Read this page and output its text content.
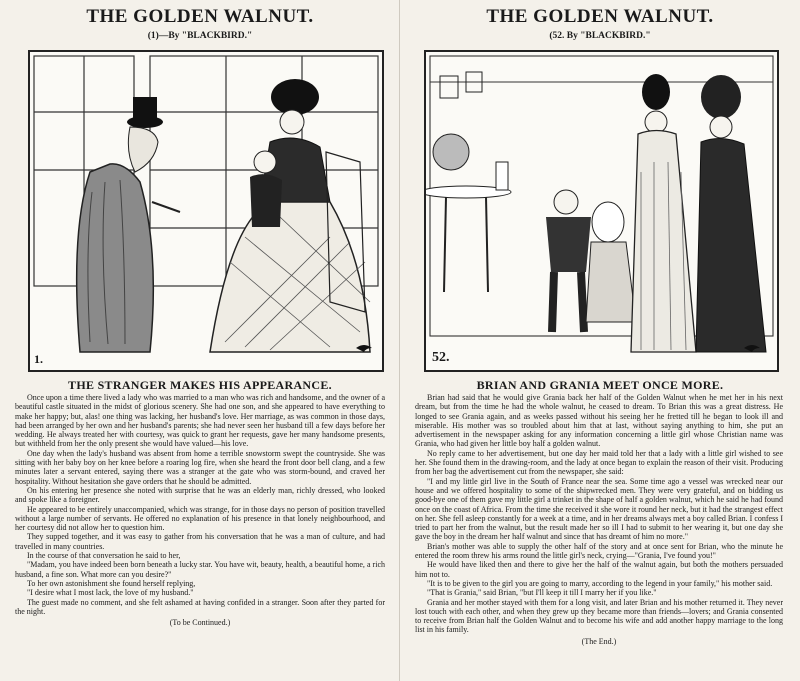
THE GOLDEN WALNUT.
(1)—By "BLACKBIRD."
1.
THE STRANGER MAKES HIS APPEARANCE.

Once upon a time there lived a lady who was married to a man who was rich and handsome, and the owner of a beautiful castle situated in the midst of glorious scenery. She had one son, and she appeared to have everything to make her happy; but, alas! one thing was lacking, her husband's love. Her marriage, as was common in those days, had been arranged by her own and her husband's parents; she had never seen her husband till a few days before her wedding. He always treated her with courtesy, was quick to grant her requests, gave her many handsome presents, but withheld from her the only present she would have valued—his love.

One day when the lady's husband was absent from home a terrible snowstorm swept the countryside. She was sitting with her baby boy on her knee before a roaring log fire, when she heard the front door bell clang, and a few minutes later a servant entered, saying there was a stranger at the gate who was storm-bound, and craved her hospitality. Without hesitation she gave orders that he should be admitted.

On his entering her presence she noted with surprise that he was an elderly man, richly dressed, who looked and spoke like a foreigner.

He appeared to be entirely unaccompanied, which was strange, for in those days no person of position travelled without a large number of servants. He offered no explanation of his presence in that lonely neighbourhood, and her courtesy did not allow her to question him.

They supped together, and it was easy to gather from his conversation that he was a man of culture, and had travelled in many countries.

In the course of that conversation he said to her,

"Madam, you have indeed been born beneath a lucky star. You have wit, beauty, health, a beautiful home, a rich husband, a fine son. What more can you desire?"

To her own astonishment she found herself replying,

"I desire what I most lack, the love of my husband."

The guest made no comment, and she felt ashamed at having confided in a stranger. Soon after they parted for the night.

(To be Continued.)

THE GOLDEN WALNUT.
(52. By "BLACKBIRD."
52.
BRIAN AND GRANIA MEET ONCE MORE.

Brian had said that he would give Grania back her half of the Golden Walnut when he met her in his next dream, but from the time he had the whole walnut, he ceased to dream. To Brian this was a great distress. He longed to see Grania again, and as weeks passed without his seeing her he fretted till he began to look ill and miserable. His mother was so troubled about him that at last, without saying anything to him, she put an advertisement in the newspaper asking for any information concerning a little girl whose Christian name was Grania, who had given her little boy half a golden walnut.

No reply came to her advertisement, but one day her maid told her that a lady with a little girl wished to see her. She found them in the drawing-room, and the lady at once began to explain the reason of their visit. Producing from her bag the advertisement cut from the newspaper, she said:

"I and my little girl live in the South of France near the sea. Some time ago a vessel was wrecked near our house and we offered hospitality to some of the shipwrecked men. They were very grateful, and on bidding us good-bye one of them gave my little girl a trinket in the shape of half a golden walnut, which he said he had found once on the coast of Africa. From the time she received it she wore it round her neck, but it had the strangest effect on her. She fell asleep constantly for a week at a time, and in her dreams always met a boy called Brian. I confess I tried to part her from the walnut, but the result made her so ill I had to submit to her wearing it, but one day she gave the boy in the dream her half walnut and since that has dreamt of him no more."

Brian's mother was able to supply the other half of the story and at once sent for Brian, who the minute he entered the room threw his arms round the little girl's neck, crying—"Grania, I've found you!"

He would have liked then and there to give her the half of the walnut again, but both the mothers persuaded him not to.

"It is to be given to the girl you are going to marry, according to the legend in your family," his mother said.

"That is Grania," said Brian, "but I'll keep it till I marry her if you like."

Grania and her mother stayed with them for a long visit, and later Brian and his mother returned it. They never lost touch with each other, and when they grew up they became more than friends—lovers; and Grania consented to receive from Brian half the Golden Walnut and to become his wife and add another happy marriage to the long list in his family.

(The End.)
